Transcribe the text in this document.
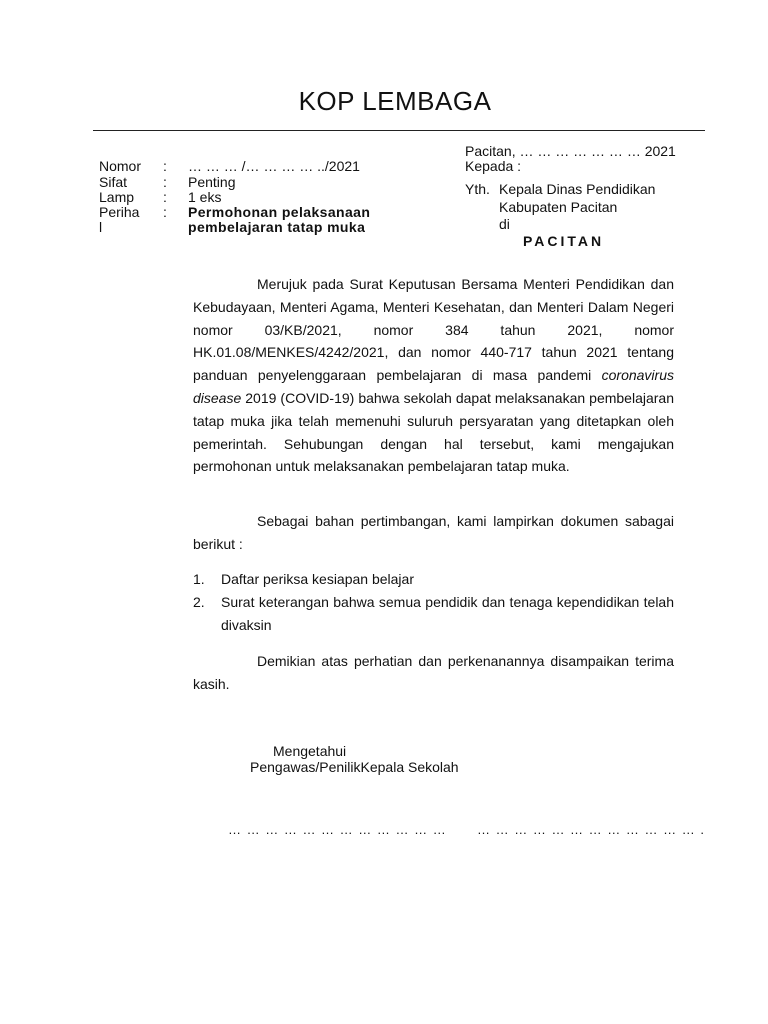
KOP LEMBAGA
Nomor : … … … /… … … … ../2021
Sifat	: Penting
Lamp : 1 eks
Periha
l
: Permohonan pelaksanaan
pembelajaran tatap muka
Pacitan, … … … … … … … 2021
Kepada :
Yth. Kepala Dinas Pendidikan
Kabupaten Pacitan
di
PACITAN
Merujuk pada Surat Keputusan Bersama Menteri Pendidikan dan Kebudayaan, Menteri Agama, Menteri Kesehatan, dan Menteri Dalam Negeri nomor 03/KB/2021, nomor 384 tahun 2021, nomor HK.01.08/MENKES/4242/2021, dan nomor 440-717 tahun 2021 tentang panduan penyelenggaraan pembelajaran di masa pandemi coronavirus disease 2019 (COVID-19) bahwa sekolah dapat melaksanakan pembelajaran tatap muka jika telah memenuhi suluruh persyaratan yang ditetapkan oleh pemerintah. Sehubungan dengan hal tersebut, kami mengajukan permohonan untuk melaksanakan pembelajaran tatap muka.
Sebagai bahan pertimbangan, kami lampirkan dokumen sabagai berikut :
1. Daftar periksa kesiapan belajar
2. Surat keterangan bahwa semua pendidik dan tenaga kependidikan telah divaksin
Demikian atas perhatian dan perkenanannya disampaikan terima kasih.
Mengetahui
Pengawas/PenilikKepala Sekolah
… … … … … … … … … … … … … … … … … … … … … … … … .
